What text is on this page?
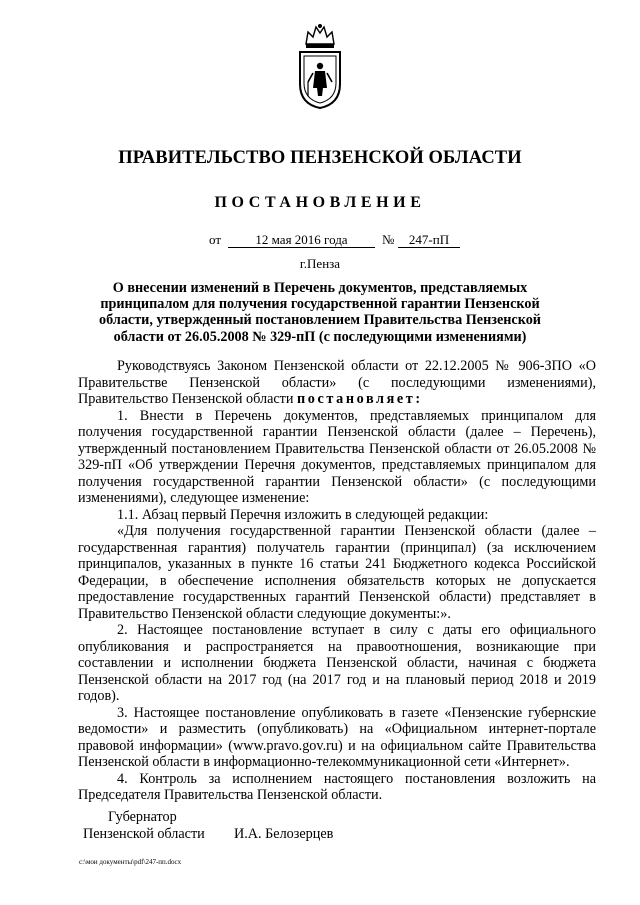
ПРАВИТЕЛЬСТВО ПЕНЗЕНСКОЙ ОБЛАСТИ
ПОСТАНОВЛЕНИЕ
от	12 мая 2016 года	№	247-пП
г.Пенза
О внесении изменений в Перечень документов, представляемых
принципалом для получения государственной гарантии Пензенской
области, утвержденный постановлением Правительства Пензенской
области от 26.05.2008 № 329-пП (с последующими изменениями)

Руководствуясь Законом Пензенской области от 22.12.2005 № 906-ЗПО «О Правительстве Пензенской области» (с последующими изменениями), Правительство Пензенской области постановляет:

1. Внести в Перечень документов, представляемых принципалом для получения государственной гарантии Пензенской области (далее – Перечень), утвержденный постановлением Правительства Пензенской области от 26.05.2008 № 329-пП «Об утверждении Перечня документов, представляемых принципалом для получения государственной гарантии Пензенской области» (с последующими изменениями), следующее изменение:

1.1. Абзац первый Перечня изложить в следующей редакции:

«Для получения государственной гарантии Пензенской области (далее – государственная гарантия) получатель гарантии (принципал) (за исключением принципалов, указанных в пункте 16 статьи 241 Бюджетного кодекса Российской Федерации, в обеспечение исполнения обязательств которых не допускается предоставление государственных гарантий Пензенской области) представляет в Правительство Пензенской области следующие документы:».

2. Настоящее постановление вступает в силу с даты его официального опубликования и распространяется на правоотношения, возникающие при составлении и исполнении бюджета Пензенской области, начиная с бюджета Пензенской области на 2017 год (на 2017 год и на плановый период 2018 и 2019 годов).

3. Настоящее постановление опубликовать в газете «Пензенские губернские ведомости» и разместить (опубликовать) на «Официальном интернет-портале правовой информации» (www.pravo.gov.ru) и на официальном сайте Правительства Пензенской области в информационно-телекоммуникационной сети «Интернет».

4. Контроль за исполнением настоящего постановления возложить на Председателя Правительства Пензенской области.

Губернатор
Пензенской области И.А. Белозерцев
c:\мои документы\pdf\247-пп.docx
